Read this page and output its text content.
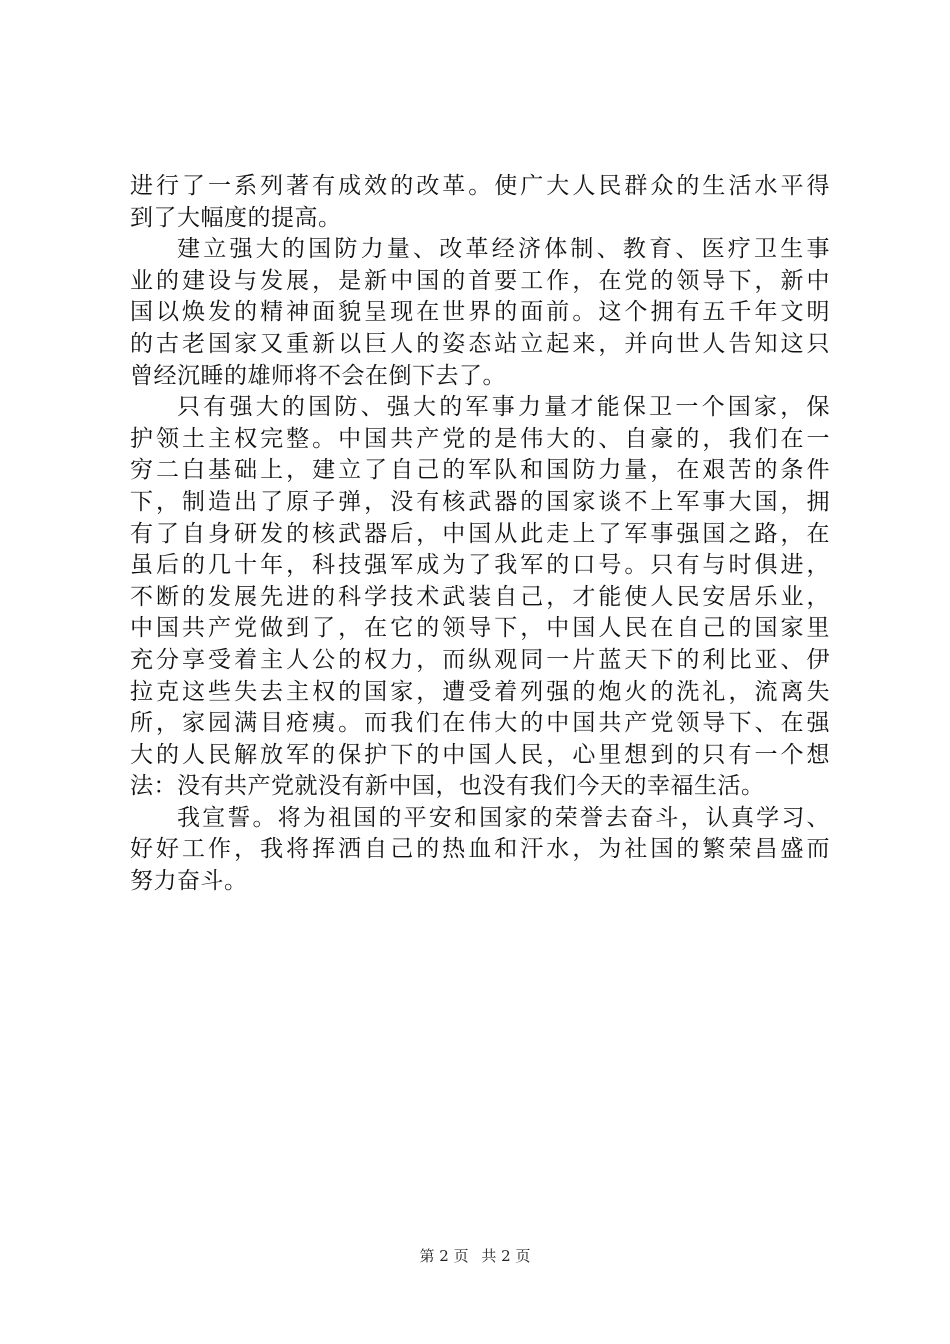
进行了一系列著有成效的改革。使广大人民群众的生活水平得
到了大幅度的提高。
建立强大的国防力量、改革经济体制、教育、医疗卫生事
业的建设与发展，是新中国的首要工作，在党的领导下，新中
国以焕发的精神面貌呈现在世界的面前。这个拥有五千年文明
的古老国家又重新以巨人的姿态站立起来，并向世人告知这只
曾经沉睡的雄师将不会在倒下去了。
只有强大的国防、强大的军事力量才能保卫一个国家，保
护领土主权完整。中国共产党的是伟大的、自豪的，我们在一
穷二白基础上，建立了自己的军队和国防力量，在艰苦的条件
下，制造出了原子弹，没有核武器的国家谈不上军事大国，拥
有了自身研发的核武器后，中国从此走上了军事强国之路，在
虽后的几十年，科技强军成为了我军的口号。只有与时俱进，
不断的发展先进的科学技术武装自己，才能使人民安居乐业，
中国共产党做到了，在它的领导下，中国人民在自己的国家里
充分享受着主人公的权力，而纵观同一片蓝天下的利比亚、伊
拉克这些失去主权的国家，遭受着列强的炮火的洗礼，流离失
所，家园满目疮痍。而我们在伟大的中国共产党领导下、在强
大的人民解放军的保护下的中国人民，心里想到的只有一个想
法：没有共产党就没有新中国，也没有我们今天的幸福生活。
我宣誓。将为祖国的平安和国家的荣誉去奋斗，认真学习、
好好工作，我将挥洒自己的热血和汗水，为社国的繁荣昌盛而
努力奋斗。
第 2 页 共 2 页
